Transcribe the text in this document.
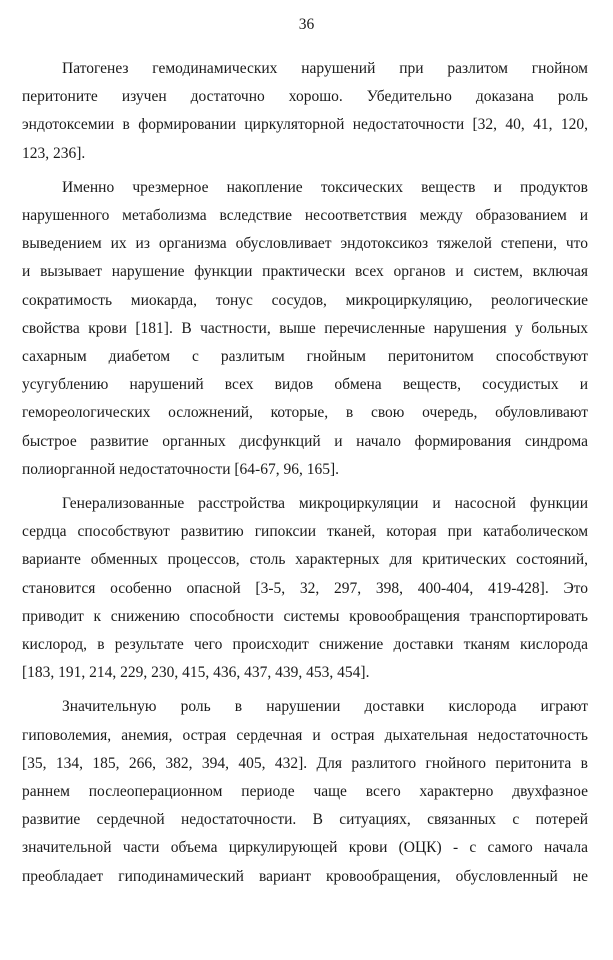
36
Патогенез гемодинамических нарушений при разлитом гнойном
перитоните изучен достаточно хорошо. Убедительно доказана роль
эндотоксемии в формировании циркуляторной недостаточности [32, 40, 41, 120,
123, 236].
Именно чрезмерное накопление токсических веществ и продуктов
нарушенного метаболизма вследствие несоответствия между образованием и
выведением их из организма обусловливает эндотоксикоз тяжелой степени, что
и вызывает нарушение функции практически всех органов и систем, включая
сократимость миокарда, тонус сосудов, микроциркуляцию, реологические
свойства крови [181]. В частности, выше перечисленные нарушения у больных
сахарным диабетом с разлитым гнойным перитонитом способствуют
усугублению нарушений всех видов обмена веществ, сосудистых и
гемореологических осложнений, которые, в свою очередь, обуловливают
быстрое развитие органных дисфункций и начало формирования синдрома
полиорганной недостаточности [64-67, 96, 165].
Генерализованные расстройства микроциркуляции и насосной функции
сердца способствуют развитию гипоксии тканей, которая при катаболическом
варианте обменных процессов, столь характерных для критических состояний,
становится особенно опасной [3-5, 32, 297, 398, 400-404, 419-428]. Это
приводит к снижению способности системы кровообращения транспортировать
кислород, в результате чего происходит снижение доставки тканям кислорода
[183, 191, 214, 229, 230, 415, 436, 437, 439, 453, 454].
Значительную роль в нарушении доставки кислорода играют
гиповолемия, анемия, острая сердечная и острая дыхательная недостаточность
[35, 134, 185, 266, 382, 394, 405, 432]. Для разлитого гнойного перитонита в
раннем послеоперационном периоде чаще всего характерно двухфазное
развитие сердечной недостаточности. В ситуациях, связанных с потерей
значительной части объема циркулирующей крови (ОЦК) - с самого начала
преобладает гиподинамический вариант кровообращения, обусловленный не
